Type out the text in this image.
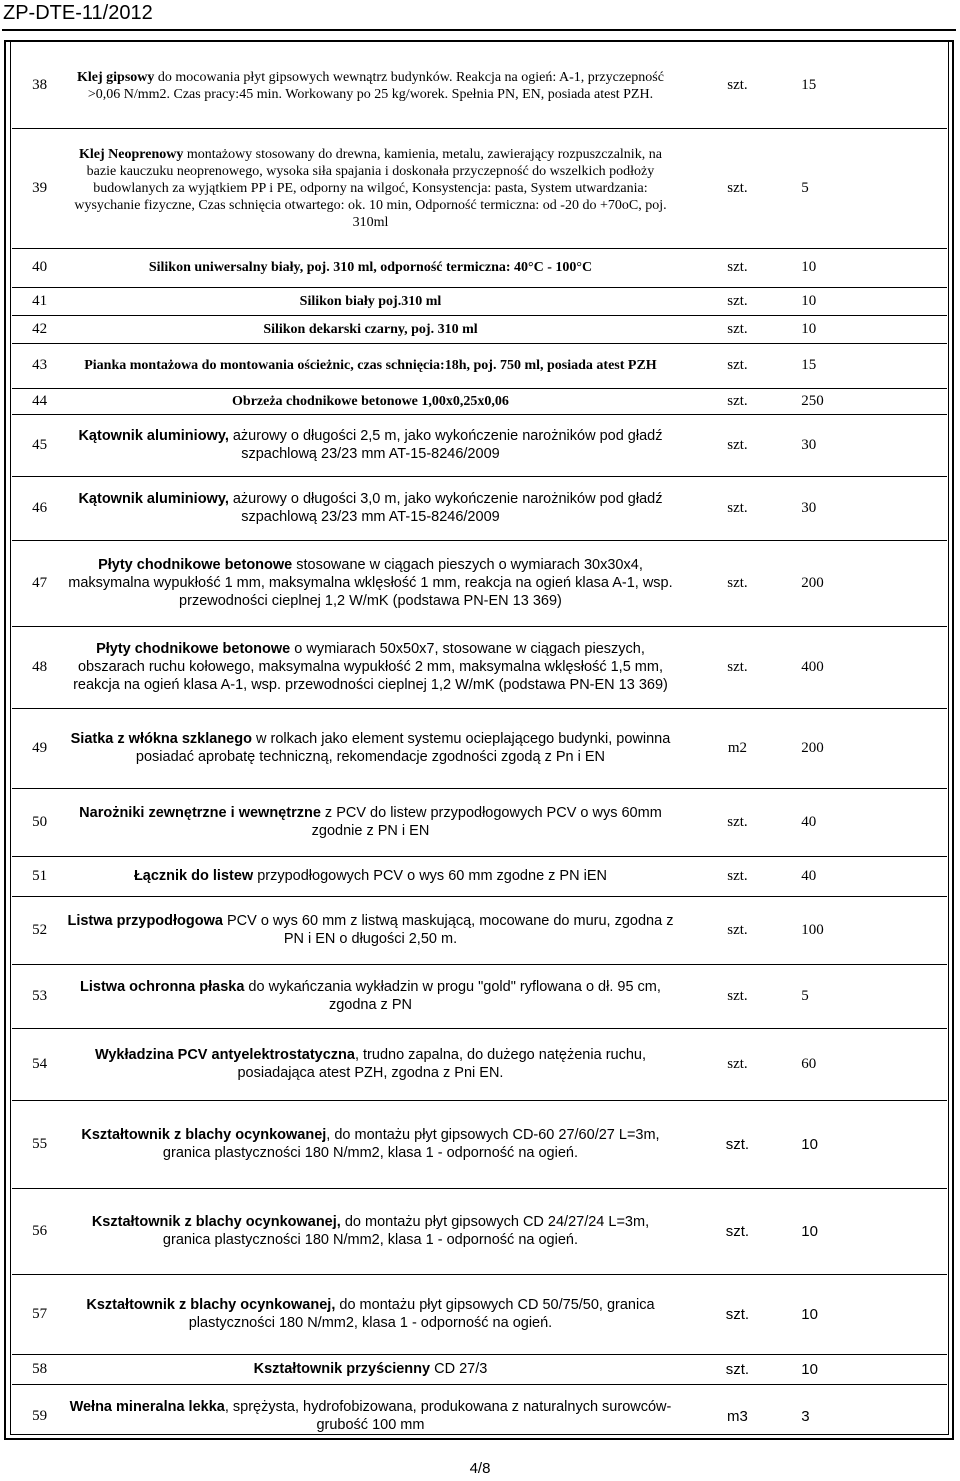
ZP-DTE-11/2012
38	Klej gipsowy do mocowania płyt gipsowych wewnątrz budynków. Reakcja na ogień: A-1, przyczepność >0,06 N/mm2. Czas pracy:45 min. Workowany po 25 kg/worek. Spełnia PN, EN, posiada atest PZH.	szt.	15
39	Klej Neoprenowy montażowy stosowany do drewna, kamienia, metalu, zawierający rozpuszczalnik, na bazie kauczuku neoprenowego, wysoka siła spajania i doskonała przyczepność do wszelkich podłoży budowlanych za wyjątkiem PP i PE, odporny na wilgoć, Konsystencja: pasta, System utwardzania: wysychanie fizyczne, Czas schnięcia otwartego: ok. 10 min, Odporność termiczna: od -20 do +70oC, poj. 310ml	szt.	5
40	Silikon uniwersalny biały, poj. 310 ml, odporność termiczna: 40°C - 100°C	szt.	10
41	Silikon biały poj.310 ml	szt.	10
42	Silikon dekarski czarny, poj. 310 ml	szt.	10
43	Pianka montażowa do montowania ościeżnic, czas schnięcia:18h, poj. 750 ml, posiada atest PZH	szt.	15
44	Obrzeża chodnikowe betonowe 1,00x0,25x0,06	szt.	250
45	Kątownik aluminiowy, ażurowy o długości 2,5 m, jako wykończenie narożników pod gładź szpachlową 23/23 mm AT-15-8246/2009	szt.	30
46	Kątownik aluminiowy, ażurowy o długości 3,0 m, jako wykończenie narożników pod gładź szpachlową 23/23 mm AT-15-8246/2009	szt.	30
47	Płyty chodnikowe betonowe stosowane w ciągach pieszych o wymiarach 30x30x4, maksymalna wypukłość 1 mm, maksymalna wklęsłość 1 mm, reakcja na ogień klasa A-1, wsp. przewodności cieplnej 1,2 W/mK (podstawa PN-EN 13 369)	szt.	200
48	Płyty chodnikowe betonowe o wymiarach 50x50x7, stosowane w ciągach pieszych, obszarach ruchu kołowego, maksymalna wypukłość 2 mm, maksymalna wklęsłość 1,5 mm, reakcja na ogień klasa A-1, wsp. przewodności cieplnej 1,2 W/mK (podstawa PN-EN 13 369)	szt.	400
49	Siatka z włókna szklanego w rolkach jako element systemu ocieplającego budynki, powinna posiadać aprobatę techniczną, rekomendacje zgodności zgodą z Pn i EN	m2	200
50	Narożniki zewnętrzne i wewnętrzne z PCV do listew przypodłogowych PCV o wys 60mm zgodnie z PN i EN	szt.	40
51	Łącznik do listew przypodłogowych PCV o wys 60 mm zgodne z PN iEN	szt.	40
52	Listwa przypodłogowa PCV o wys 60 mm z listwą maskującą, mocowane do muru, zgodna z PN i EN o długości 2,50 m.	szt.	100
53	Listwa ochronna płaska do wykańczania wykładzin w progu "gold" ryflowana o dł. 95 cm, zgodna z PN	szt.	5
54	Wykładzina PCV antyelektrostatyczna, trudno zapalna, do dużego natężenia ruchu, posiadająca atest PZH, zgodna z Pni EN.	szt.	60
55	Kształtownik z blachy ocynkowanej, do montażu płyt gipsowych CD-60 27/60/27 L=3m, granica plastyczności 180 N/mm2, klasa 1 - odporność na ogień.	szt.	10
56	Kształtownik z blachy ocynkowanej, do montażu płyt gipsowych CD 24/27/24 L=3m, granica plastyczności 180 N/mm2, klasa 1 - odporność na ogień.	szt.	10
57	Kształtownik z blachy ocynkowanej, do montażu płyt gipsowych CD 50/75/50, granica plastyczności 180 N/mm2, klasa 1 - odporność na ogień.	szt.	10
58	Kształtownik przyścienny CD 27/3	szt.	10
59	Wełna mineralna lekka, sprężysta, hydrofobizowana, produkowana z naturalnych surowców- grubość 100 mm	m3	3
4/8
